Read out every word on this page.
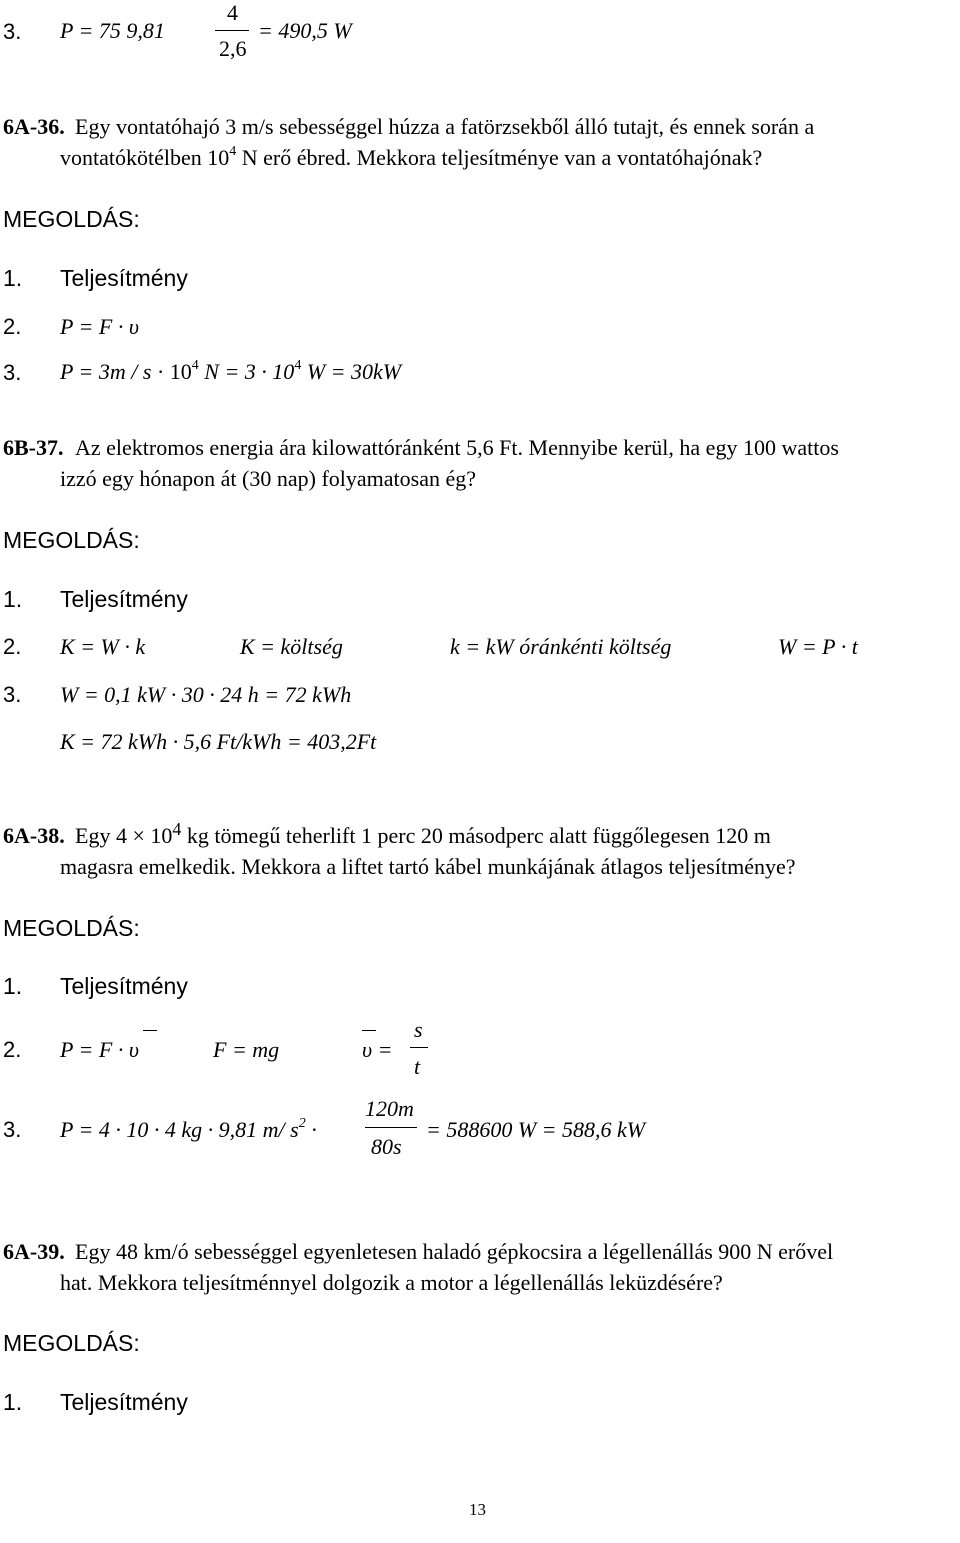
3. P = 75 9,81
4
2,6
= 490,5 W
6A-36. Egy vontatóhajó 3 m/s sebességgel húzza a fatörzsekből álló tutajt, és ennek során a
vontatókötélben $10^4$ N erő ébred. Mekkora teljesítménye van a vontatóhajónak?
MEGOLDÁS:
1. Teljesítmény
2. P = F · υ
3. $P = 3m / s \cdot 10^4$ $N = 3 \cdot 10^4$ W = 30kW
6B-37. Az elektromos energia ára kilowattóránként 5,6 Ft. Mennyibe kerül, ha egy 100 wattos
izzó egy hónapon át (30 nap) folyamatosan ég?
MEGOLDÁS:
1. Teljesítmény
2. K = W · k	K = költség	k = kW óránkénti költség	W = P · t
3. W = 0,1 kW · 30 · 24 h = 72 kWh
K = 72 kWh · 5,6 Ft/kWh = 403,2Ft
6A-38. Egy $4 \times 10^4$ kg tömegű teherlift 1 perc 20 másodperc alatt függőlegesen 120 m
magasra emelkedik. Mekkora a liftet tartó kábel munkájának átlagos teljesítménye?
MEGOLDÁS:
1. Teljesítmény
2. P = F · υ	F = mg	υ =
s
t
3. P = 4 · 10 · 4 kg · 9,81 m/ $s^2$ ·
120m
80s
= 588600 W = 588,6 kW
6A-39. Egy 48 km/ó sebességgel egyenletesen haladó gépkocsira a légellenállás 900 N erővel
hat. Mekkora teljesítménnyel dolgozik a motor a légellenállás leküzdésére?
MEGOLDÁS:
1. Teljesítmény
13
